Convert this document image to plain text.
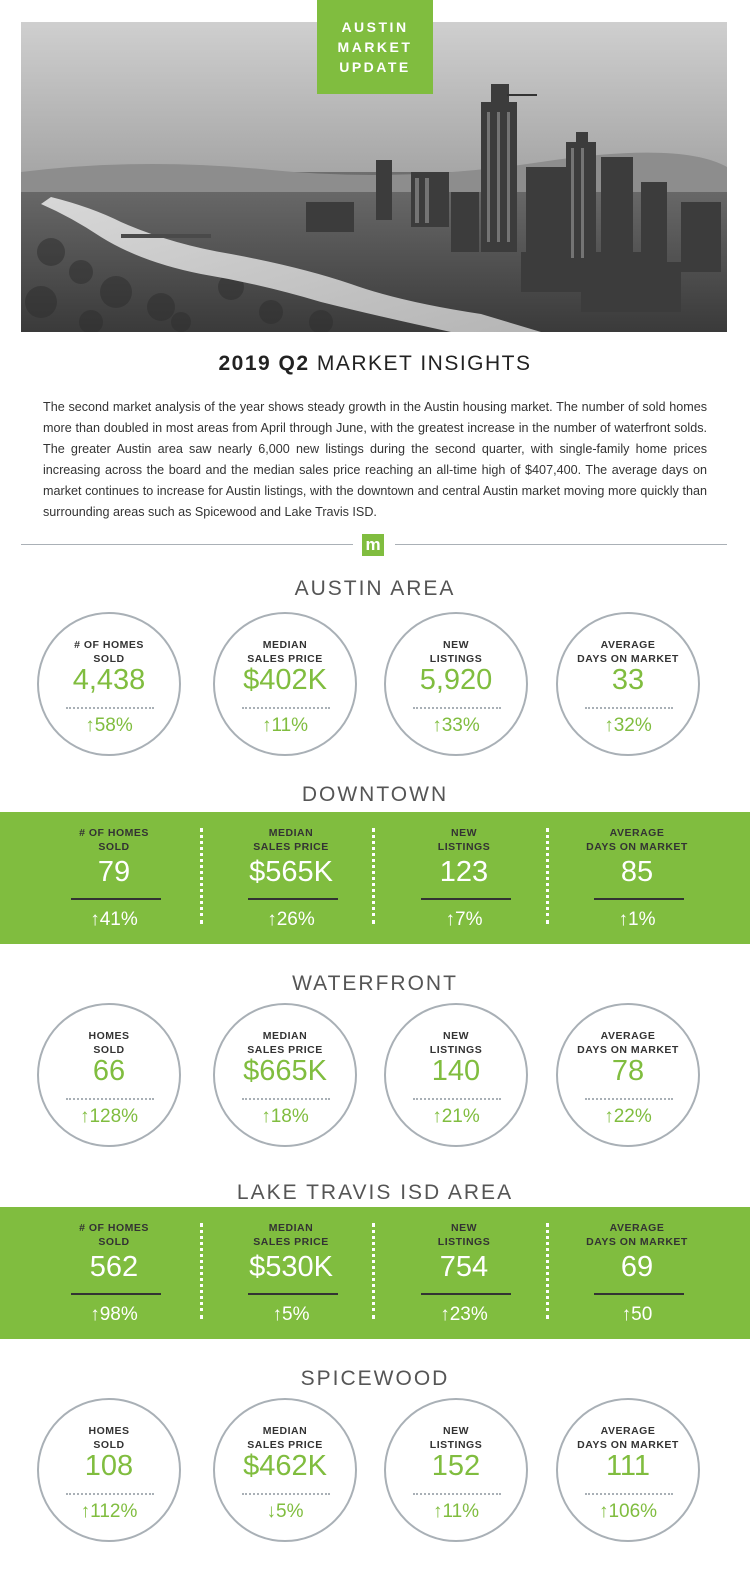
AUSTIN
MARKET
UPDATE
2019 Q2 MARKET INSIGHTS

The second market analysis of the year shows steady growth in the Austin housing market. The number of sold homes more than doubled in most areas from April through June, with the greatest increase in the number of waterfront solds. The greater Austin area saw nearly 6,000 new listings during the second quarter, with single-family home prices increasing across the board and the median sales price reaching an all-time high of $407,400. The average days on market continues to increase for Austin listings, with the downtown and central Austin market moving more quickly than surrounding areas such as Spicewood and Lake Travis ISD.

m
AUSTIN AREA
# OF HOMES
SOLD
4,438
↑58%
MEDIAN
SALES PRICE
$402K
↑11%
NEW
LISTINGS
5,920
↑33%
AVERAGE
DAYS ON MARKET
33
↑32%
DOWNTOWN
# OF HOMES
SOLD
79
↑41%
MEDIAN
SALES PRICE
$565K
↑26%
NEW
LISTINGS
123
↑7%
AVERAGE
DAYS ON MARKET
85
↑1%
WATERFRONT
HOMES
SOLD
66
↑128%
MEDIAN
SALES PRICE
$665K
↑18%
NEW
LISTINGS
140
↑21%
AVERAGE
DAYS ON MARKET
78
↑22%
LAKE TRAVIS ISD AREA
# OF HOMES
SOLD
562
↑98%
MEDIAN
SALES PRICE
$530K
↑5%
NEW
LISTINGS
754
↑23%
AVERAGE
DAYS ON MARKET
69
↑50
SPICEWOOD
HOMES
SOLD
108
↑112%
MEDIAN
SALES PRICE
$462K
↓5%
NEW
LISTINGS
152
↑11%
AVERAGE
DAYS ON MARKET
111
↑106%
